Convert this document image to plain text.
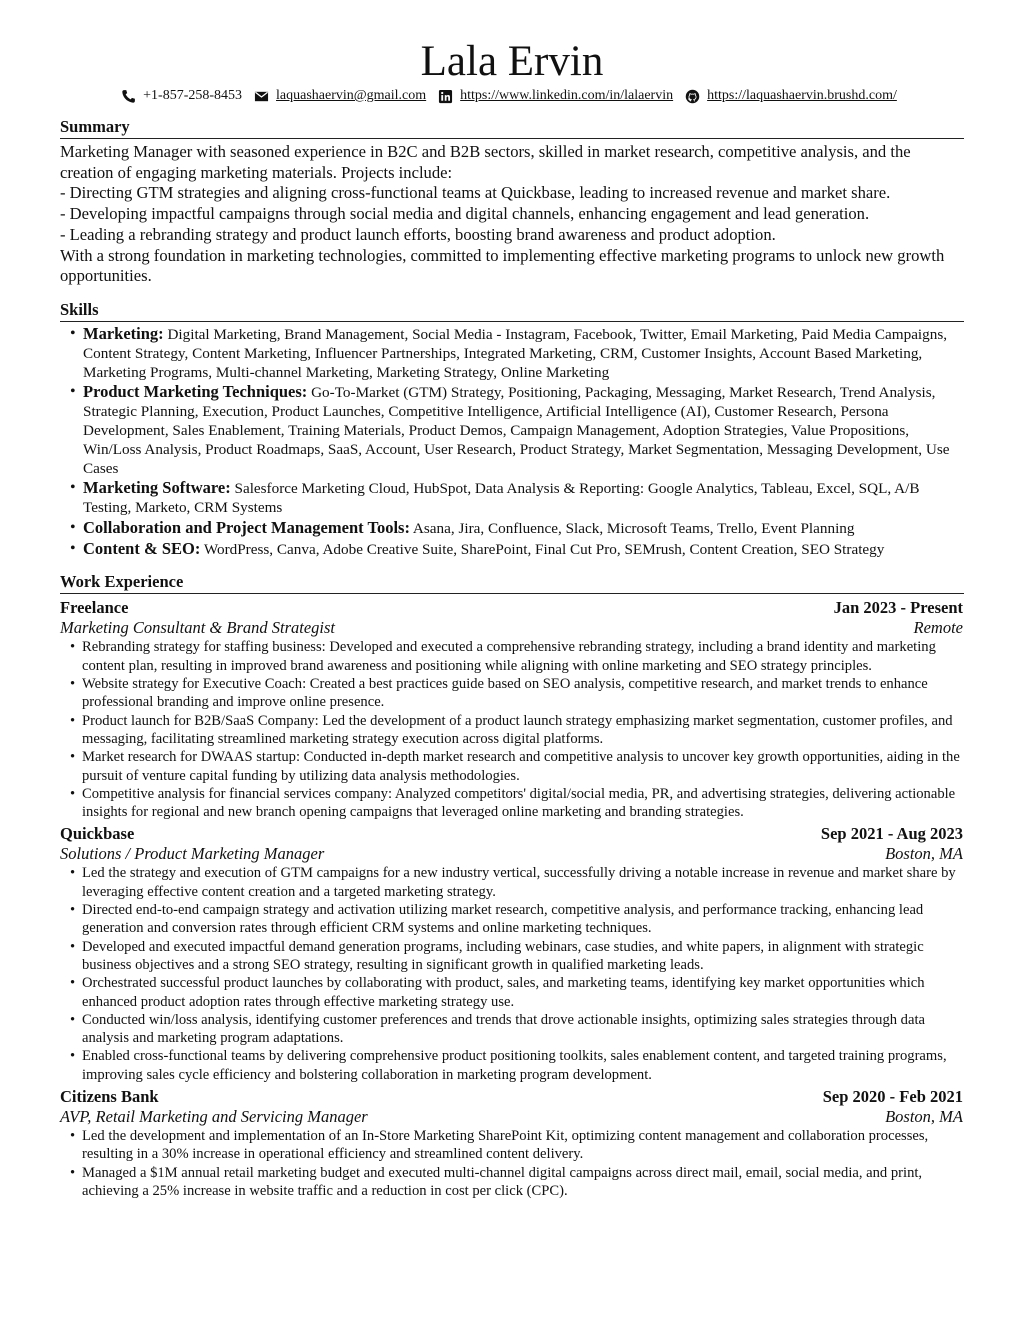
Lala Ervin
+1-857-258-8453 laquashaervin@gmail.com https://www.linkedin.com/in/lalaervin https://laquashaervin.brushd.com/
Summary
Marketing Manager with seasoned experience in B2C and B2B sectors, skilled in market research, competitive analysis, and the creation of engaging marketing materials. Projects include:
- Directing GTM strategies and aligning cross-functional teams at Quickbase, leading to increased revenue and market share.
- Developing impactful campaigns through social media and digital channels, enhancing engagement and lead generation.
- Leading a rebranding strategy and product launch efforts, boosting brand awareness and product adoption.
With a strong foundation in marketing technologies, committed to implementing effective marketing programs to unlock new growth opportunities.
Skills
• Marketing: Digital Marketing, Brand Management, Social Media - Instagram, Facebook, Twitter, Email Marketing, Paid Media Campaigns, Content Strategy, Content Marketing, Influencer Partnerships, Integrated Marketing, CRM, Customer Insights, Account Based Marketing, Marketing Programs, Multi-channel Marketing, Marketing Strategy, Online Marketing
• Product Marketing Techniques: Go-To-Market (GTM) Strategy, Positioning, Packaging, Messaging, Market Research, Trend Analysis, Strategic Planning, Execution, Product Launches, Competitive Intelligence, Artificial Intelligence (AI), Customer Research, Persona Development, Sales Enablement, Training Materials, Product Demos, Campaign Management, Adoption Strategies, Value Propositions, Win/Loss Analysis, Product Roadmaps, SaaS, Account, User Research, Product Strategy, Market Segmentation, Messaging Development, Use Cases
• Marketing Software: Salesforce Marketing Cloud, HubSpot, Data Analysis & Reporting: Google Analytics, Tableau, Excel, SQL, A/B Testing, Marketo, CRM Systems
• Collaboration and Project Management Tools: Asana, Jira, Confluence, Slack, Microsoft Teams, Trello, Event Planning
• Content & SEO: WordPress, Canva, Adobe Creative Suite, SharePoint, Final Cut Pro, SEMrush, Content Creation, SEO Strategy
Work Experience
Freelance	Jan 2023 - Present
Marketing Consultant & Brand Strategist	Remote
• Rebranding strategy for staffing business: Developed and executed a comprehensive rebranding strategy, including a brand identity and marketing content plan, resulting in improved brand awareness and positioning while aligning with online marketing and SEO strategy principles.
• Website strategy for Executive Coach: Created a best practices guide based on SEO analysis, competitive research, and market trends to enhance professional branding and improve online presence.
• Product launch for B2B/SaaS Company: Led the development of a product launch strategy emphasizing market segmentation, customer profiles, and messaging, facilitating streamlined marketing strategy execution across digital platforms.
• Market research for DWAAS startup: Conducted in-depth market research and competitive analysis to uncover key growth opportunities, aiding in the pursuit of venture capital funding by utilizing data analysis methodologies.
• Competitive analysis for financial services company: Analyzed competitors' digital/social media, PR, and advertising strategies, delivering actionable insights for regional and new branch opening campaigns that leveraged online marketing and branding strategies.
Quickbase	Sep 2021 - Aug 2023
Solutions / Product Marketing Manager	Boston, MA
• Led the strategy and execution of GTM campaigns for a new industry vertical, successfully driving a notable increase in revenue and market share by leveraging effective content creation and a targeted marketing strategy.
• Directed end-to-end campaign strategy and activation utilizing market research, competitive analysis, and performance tracking, enhancing lead generation and conversion rates through efficient CRM systems and online marketing techniques.
• Developed and executed impactful demand generation programs, including webinars, case studies, and white papers, in alignment with strategic business objectives and a strong SEO strategy, resulting in significant growth in qualified marketing leads.
• Orchestrated successful product launches by collaborating with product, sales, and marketing teams, identifying key market opportunities which enhanced product adoption rates through effective marketing strategy use.
• Conducted win/loss analysis, identifying customer preferences and trends that drove actionable insights, optimizing sales strategies through data analysis and marketing program adaptations.
• Enabled cross-functional teams by delivering comprehensive product positioning toolkits, sales enablement content, and targeted training programs, improving sales cycle efficiency and bolstering collaboration in marketing program development.
Citizens Bank	Sep 2020 - Feb 2021
AVP, Retail Marketing and Servicing Manager	Boston, MA
• Led the development and implementation of an In-Store Marketing SharePoint Kit, optimizing content management and collaboration processes, resulting in a 30% increase in operational efficiency and streamlined content delivery.
• Managed a $1M annual retail marketing budget and executed multi-channel digital campaigns across direct mail, email, social media, and print, achieving a 25% increase in website traffic and a reduction in cost per click (CPC).
